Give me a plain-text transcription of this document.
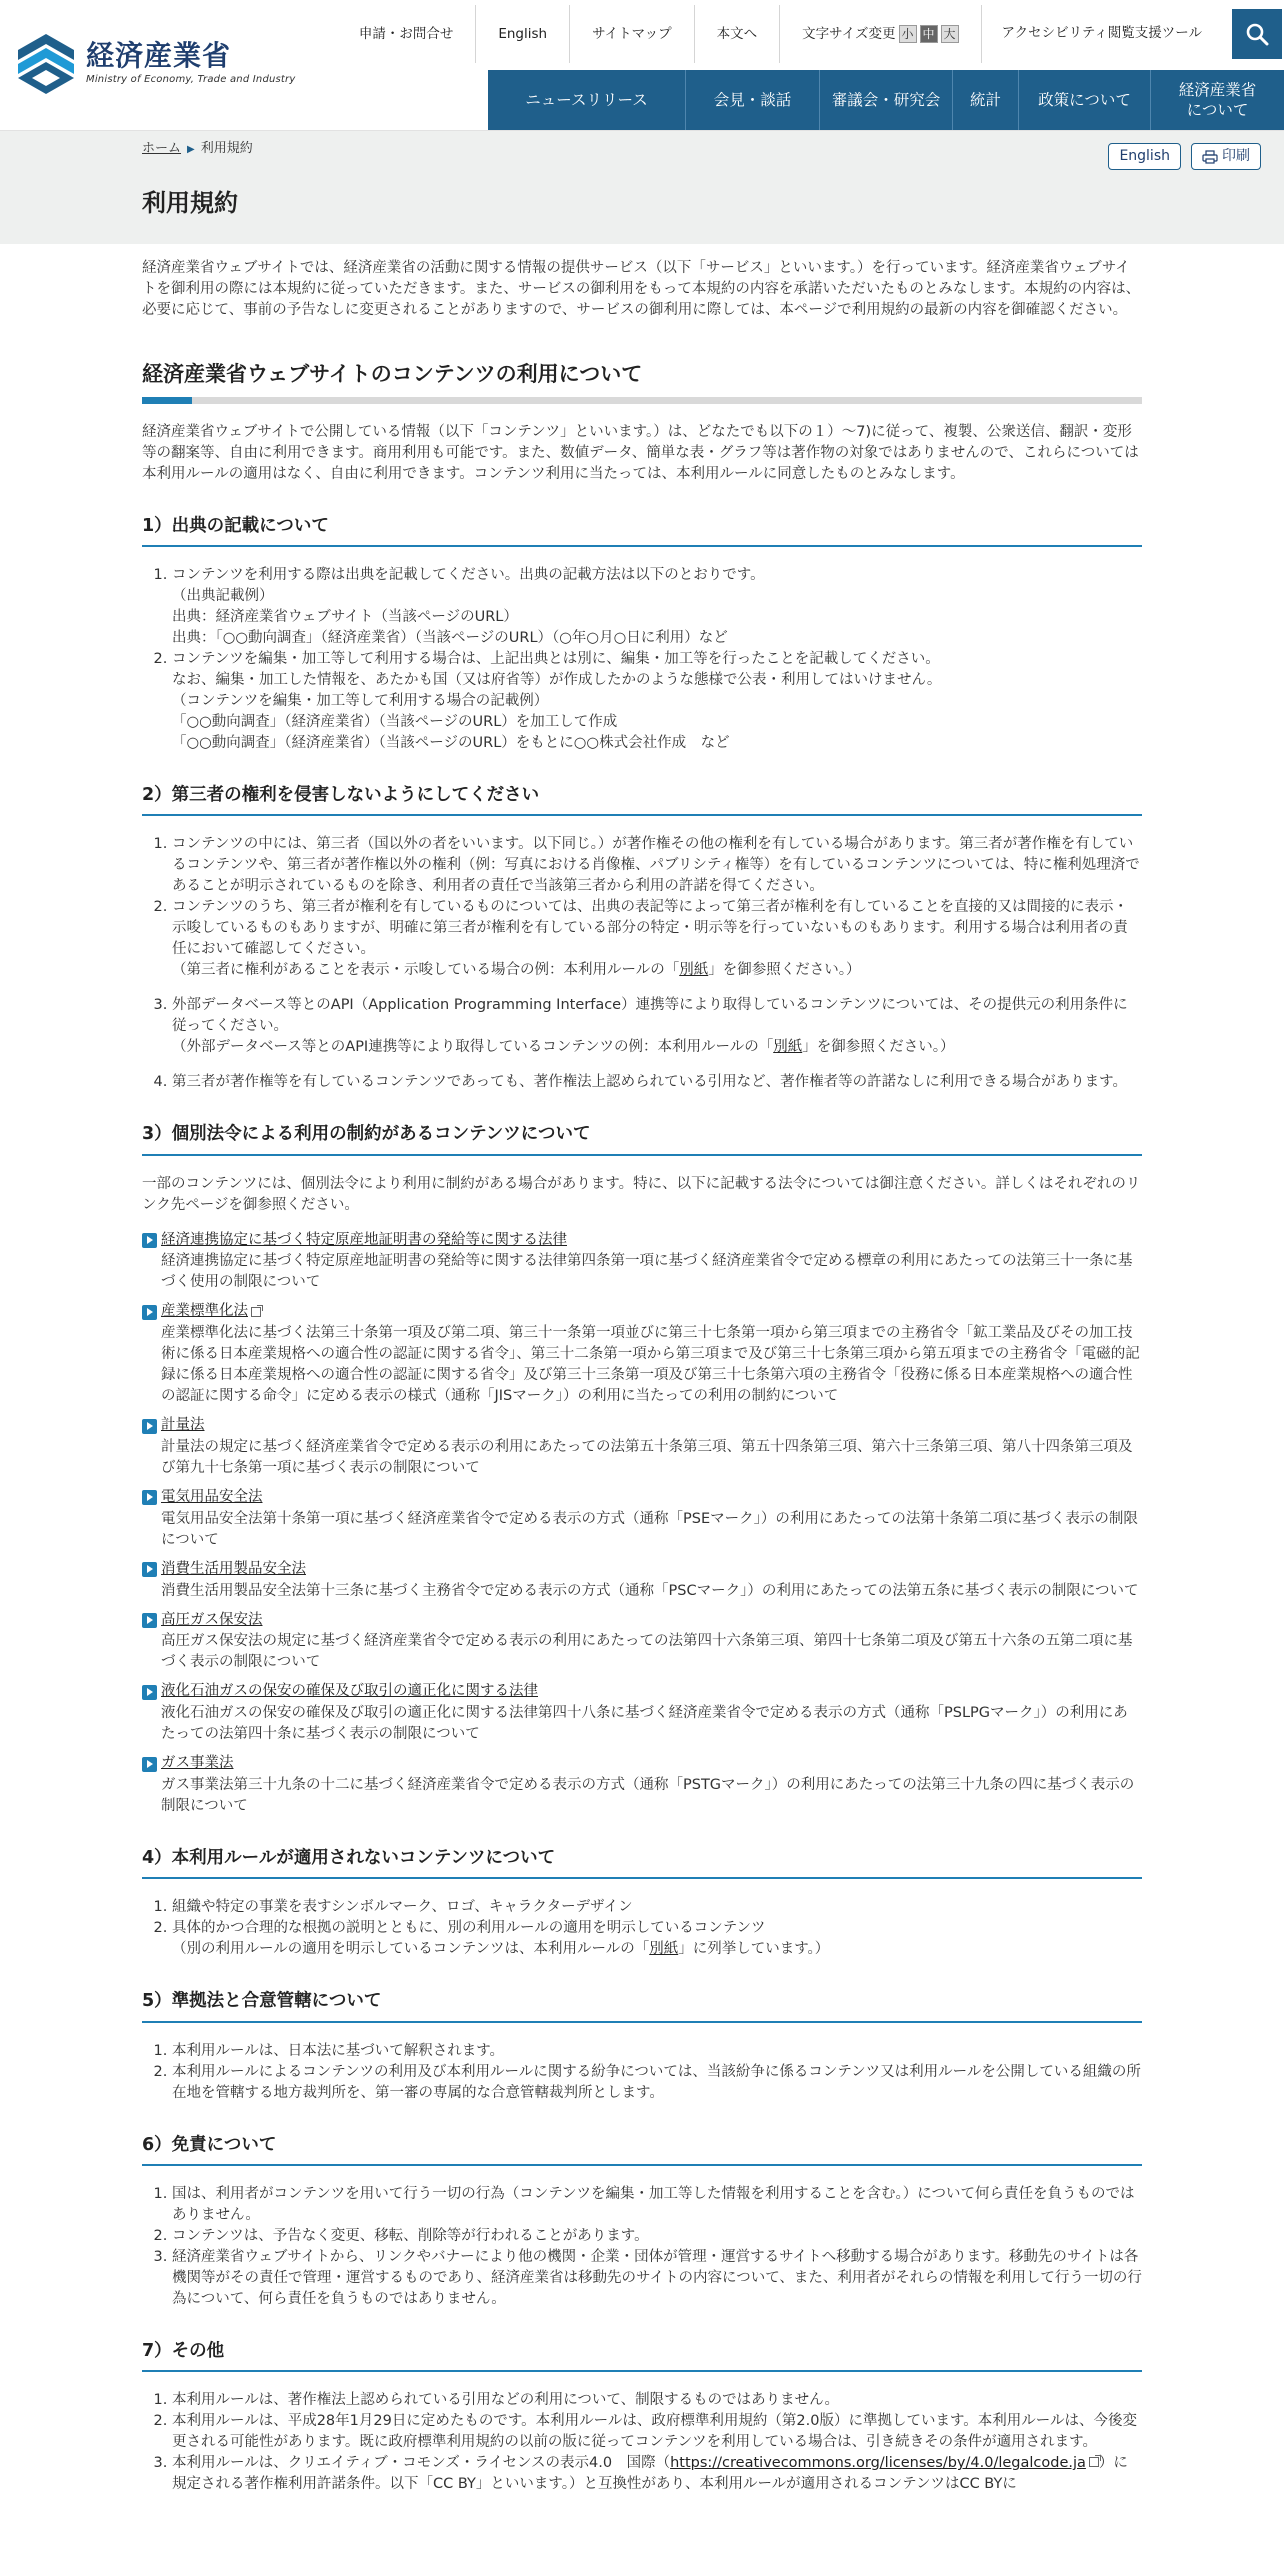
経済産業省
Ministry of Economy, Trade and Industry
申請・お問合せ	English	サイトマップ	本文へ	文字サイズ変更 小 中 大	アクセシビリティ 閲覧支援ツール
ニュースリリース	会見・談話	審議会・研究会	統計	政策について
経済産業省
について
ホーム ▶ 利用規約
利用規約
English	印刷

経済産業省ウェブサイトでは、経済産業省の活動に関する情報の提供サービス（以下「サービス」といいます。）を行っています。経済産業省ウェブサイトを御利用の際には本規約に従っていただきます。また、サービスの御利用をもって本規約の内容を承諾いただいたものとみなします。本規約の内容は、必要に応じて、事前の予告なしに変更されることがありますので、サービスの御利用に際しては、本ページで利用規約の最新の内容を御確認ください。

経済産業省ウェブサイトのコンテンツの利用について

経済産業省ウェブサイトで公開している情報（以下「コンテンツ」といいます。）は、どなたでも以下の１）～7)に従って、複製、公衆送信、翻訳・変形等の翻案等、自由に利用できます。商用利用も可能です。また、数値データ、簡単な表・グラフ等は著作物の対象ではありませんので、これらについては本利用ルールの適用はなく、自由に利用できます。コンテンツ利用に当たっては、本利用ルールに同意したものとみなします。

1）出典の記載について
1. コンテンツを利用する際は出典を記載してください。出典の記載方法は以下のとおりです。
（出典記載例）
出典：経済産業省ウェブサイト（当該ページのURL）
出典：「○○動向調査」（経済産業省）（当該ページのURL）（○年○月○日に利用）など
2. コンテンツを編集・加工等して利用する場合は、上記出典とは別に、編集・加工等を行ったことを記載してください。
なお、編集・加工した情報を、あたかも国（又は府省等）が作成したかのような態様で公表・利用してはいけません。
（コンテンツを編集・加工等して利用する場合の記載例）
「○○動向調査」（経済産業省）（当該ページのURL）を加工して作成
「○○動向調査」（経済産業省）（当該ページのURL）をもとに○○株式会社作成　など
2）第三者の権利を侵害しないようにしてください
1. コンテンツの中には、第三者（国以外の者をいいます。以下同じ。）が著作権その他の権利を有している場合があります。第三者が著作権を有しているコンテンツや、第三者が著作権以外の権利（例：写真における肖像権、パブリシティ権等）を有しているコンテンツについては、特に権利処理済であることが明示されているものを除き、利用者の責任で当該第三者から利用の許諾を得てください。
2. コンテンツのうち、第三者が権利を有しているものについては、出典の表記等によって第三者が権利を有していることを直接的又は間接的に表示・示唆しているものもありますが、明確に第三者が権利を有している部分の特定・明示等を行っていないものもあります。利用する場合は利用者の責任において確認してください。
（第三者に権利があることを表示・示唆している場合の例：本利用ルールの「別紙」を御参照ください。）
3. 外部データベース等とのAPI（Application Programming Interface）連携等により取得しているコンテンツについては、その提供元の利用条件に従ってください。
（外部データベース等とのAPI連携等により取得しているコンテンツの例：本利用ルールの「別紙」を御参照ください。）
4. 第三者が著作権等を有しているコンテンツであっても、著作権法上認められている引用など、著作権者等の許諾なしに利用できる場合があります。
3）個別法令による利用の制約があるコンテンツについて

一部のコンテンツには、個別法令により利用に制約がある場合があります。特に、以下に記載する法令については御注意ください。詳しくはそれぞれのリンク先ページを御参照ください。

経済連携協定に基づく特定原産地証明書の発給等に関する法律
経済連携協定に基づく特定原産地証明書の発給等に関する法律第四条第一項に基づく経済産業省令で定める標章の利用にあたっての法第三十一条に基づく使用の制限について
産業標準化法
産業標準化法に基づく法第三十条第一項及び第二項、第三十一条第一項並びに第三十七条第一項から第三項までの主務省令「鉱工業品及びその加工技術に係る日本産業規格への適合性の認証に関する省令」、第三十二条第一項から第三項まで及び第三十七条第三項から第五項までの主務省令「電磁的記録に係る日本産業規格への適合性の認証に関する省令」及び第三十三条第一項及び第三十七条第六項の主務省令「役務に係る日本産業規格への適合性の認証に関する命令」に定める表示の様式（通称「JISマーク」）の利用に当たっての利用の制約について
計量法
計量法の規定に基づく経済産業省令で定める表示の利用にあたっての法第五十条第三項、第五十四条第三項、第六十三条第三項、第八十四条第三項及び第九十七条第一項に基づく表示の制限について
電気用品安全法
電気用品安全法第十条第一項に基づく経済産業省令で定める表示の方式（通称「PSEマーク」）の利用にあたっての法第十条第二項に基づく表示の制限について
消費生活用製品安全法
消費生活用製品安全法第十三条に基づく主務省令で定める表示の方式（通称「PSCマーク」）の利用にあたっての法第五条に基づく表示の制限について
高圧ガス保安法
高圧ガス保安法の規定に基づく経済産業省令で定める表示の利用にあたっての法第四十六条第三項、第四十七条第二項及び第五十六条の五第二項に基づく表示の制限について
液化石油ガスの保安の確保及び取引の適正化に関する法律
液化石油ガスの保安の確保及び取引の適正化に関する法律第四十八条に基づく経済産業省令で定める表示の方式（通称「PSLPGマーク」）の利用にあたっての法第四十条に基づく表示の制限について
ガス事業法
ガス事業法第三十九条の十二に基づく経済産業省令で定める表示の方式（通称「PSTGマーク」）の利用にあたっての法第三十九条の四に基づく表示の制限について
4）本利用ルールが適用されないコンテンツについて
1. 組織や特定の事業を表すシンボルマーク、ロゴ、キャラクターデザイン
2. 具体的かつ合理的な根拠の説明とともに、別の利用ルールの適用を明示しているコンテンツ
（別の利用ルールの適用を明示しているコンテンツは、本利用ルールの「別紙」に列挙しています。）
5）準拠法と合意管轄について
1. 本利用ルールは、日本法に基づいて解釈されます。
2. 本利用ルールによるコンテンツの利用及び本利用ルールに関する紛争については、当該紛争に係るコンテンツ又は利用ルールを公開している組織の所在地を管轄する地方裁判所を、第一審の専属的な合意管轄裁判所とします。
6）免責について
1. 国は、利用者がコンテンツを用いて行う一切の行為（コンテンツを編集・加工等した情報を利用することを含む。）について何ら責任を負うものではありません。
2. コンテンツは、予告なく変更、移転、削除等が行われることがあります。
3. 経済産業省ウェブサイトから、リンクやバナーにより他の機関・企業・団体が管理・運営するサイトへ移動する場合があります。移動先のサイトは各機関等がその責任で管理・運営するものであり、経済産業省は移動先のサイトの内容について、また、利用者がそれらの情報を利用して行う一切の行為について、何ら責任を負うものではありません。
7）その他
1. 本利用ルールは、著作権法上認められている引用などの利用について、制限するものではありません。
2. 本利用ルールは、平成28年1月29日に定めたものです。本利用ルールは、政府標準利用規約（第2.0版）に準拠しています。本利用ルールは、今後変更される可能性があります。既に政府標準利用規約の以前の版に従ってコンテンツを利用している場合は、引き続きその条件が適用されます。
3. 本利用ルールは、クリエイティブ・コモンズ・ライセンスの表示4.0　国際（https://creativecommons.org/licenses/by/4.0/legalcode.ja ）に規定される著作権利用許諾条件。以下「CC BY」といいます。）と互換性があり、本利用ルールが適用されるコンテンツはCC BYに
